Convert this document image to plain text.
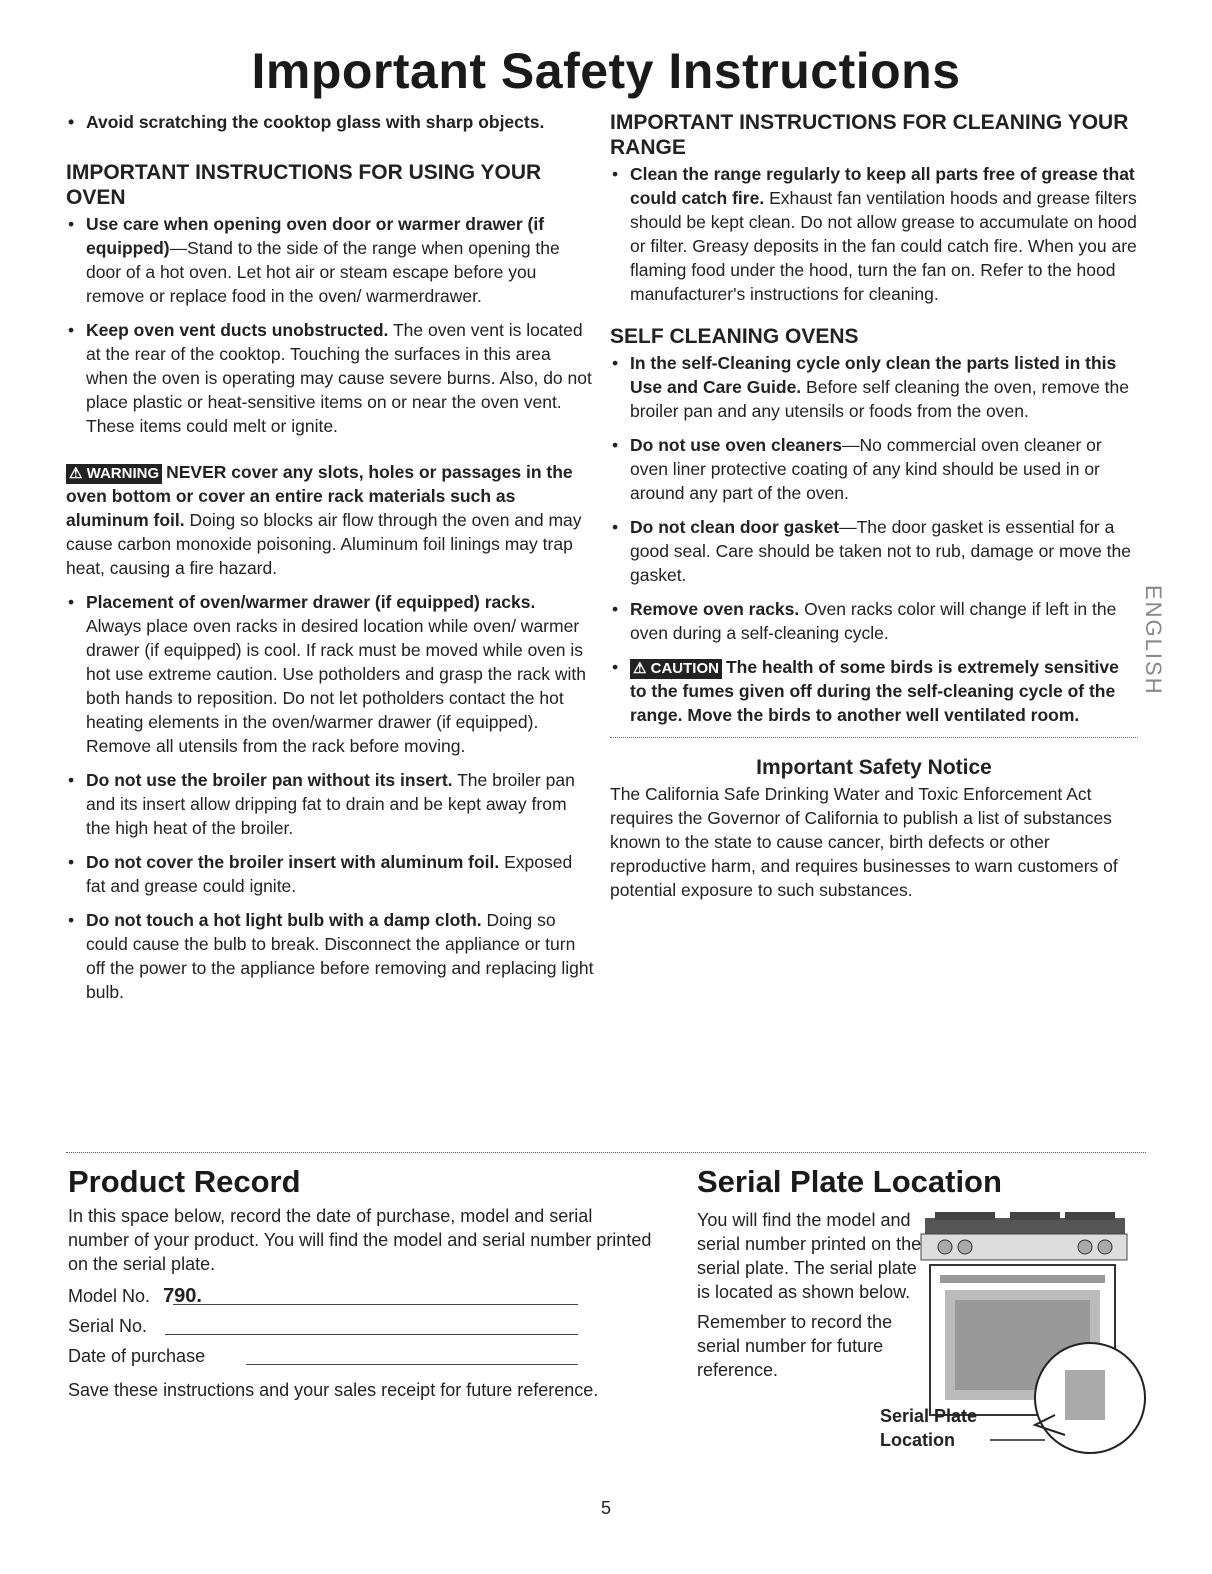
Important Safety Instructions

• Avoid scratching the cooktop glass with sharp objects.

IMPORTANT INSTRUCTIONS FOR USING YOUR OVEN

• Use care when opening oven door or warmer drawer (if equipped)—Stand to the side of the range when opening the door of a hot oven. Let hot air or steam escape before you remove or replace food in the oven/ warmerdrawer.

• Keep oven vent ducts unobstructed. The oven vent is located at the rear of the cooktop. Touching the surfaces in this area when the oven is operating may cause severe burns. Also, do not place plastic or heat-sensitive items on or near the oven vent. These items could melt or ignite.

⚠ WARNING NEVER cover any slots, holes or passages in the oven bottom or cover an entire rack materials such as aluminum foil. Doing so blocks air flow through the oven and may cause carbon monoxide poisoning. Aluminum foil linings may trap heat, causing a fire hazard.

• Placement of oven/warmer drawer (if equipped) racks. Always place oven racks in desired location while oven/ warmer drawer (if equipped) is cool. If rack must be moved while oven is hot use extreme caution. Use potholders and grasp the rack with both hands to reposition. Do not let potholders contact the hot heating elements in the oven/warmer drawer (if equipped). Remove all utensils from the rack before moving.

• Do not use the broiler pan without its insert. The broiler pan and its insert allow dripping fat to drain and be kept away from the high heat of the broiler.

• Do not cover the broiler insert with aluminum foil. Exposed fat and grease could ignite.

• Do not touch a hot light bulb with a damp cloth. Doing so could cause the bulb to break. Disconnect the appliance or turn off the power to the appliance before removing and replacing light bulb.

IMPORTANT INSTRUCTIONS FOR CLEANING YOUR RANGE

• Clean the range regularly to keep all parts free of grease that could catch fire. Exhaust fan ventilation hoods and grease filters should be kept clean. Do not allow grease to accumulate on hood or filter. Greasy deposits in the fan could catch fire. When you are flaming food under the hood, turn the fan on. Refer to the hood manufacturer's instructions for cleaning.

SELF CLEANING OVENS

• In the self-Cleaning cycle only clean the parts listed in this Use and Care Guide. Before self cleaning the oven, remove the broiler pan and any utensils or foods from the oven.

• Do not use oven cleaners—No commercial oven cleaner or oven liner protective coating of any kind should be used in or around any part of the oven.

• Do not clean door gasket—The door gasket is essential for a good seal. Care should be taken not to rub, damage or move the gasket.

• Remove oven racks. Oven racks color will change if left in the oven during a self-cleaning cycle.

• ⚠ CAUTION The health of some birds is extremely sensitive to the fumes given off during the self-cleaning cycle of the range. Move the birds to another well ventilated room.

Important Safety Notice

The California Safe Drinking Water and Toxic Enforcement Act requires the Governor of California to publish a list of substances known to the state to cause cancer, birth defects or other reproductive harm, and requires businesses to warn customers of potential exposure to such substances.

ENGLISH
Product Record

In this space below, record the date of purchase, model and serial number of your product. You will find the model and serial number printed on the serial plate.

Model No. 790.
Serial No.
Date of purchase

Save these instructions and your sales receipt for future reference.

Serial Plate Location

You will find the model and serial number printed on the serial plate. The serial plate is located as shown below.

Remember to record the serial number for future reference.

Serial Plate
Location
5
